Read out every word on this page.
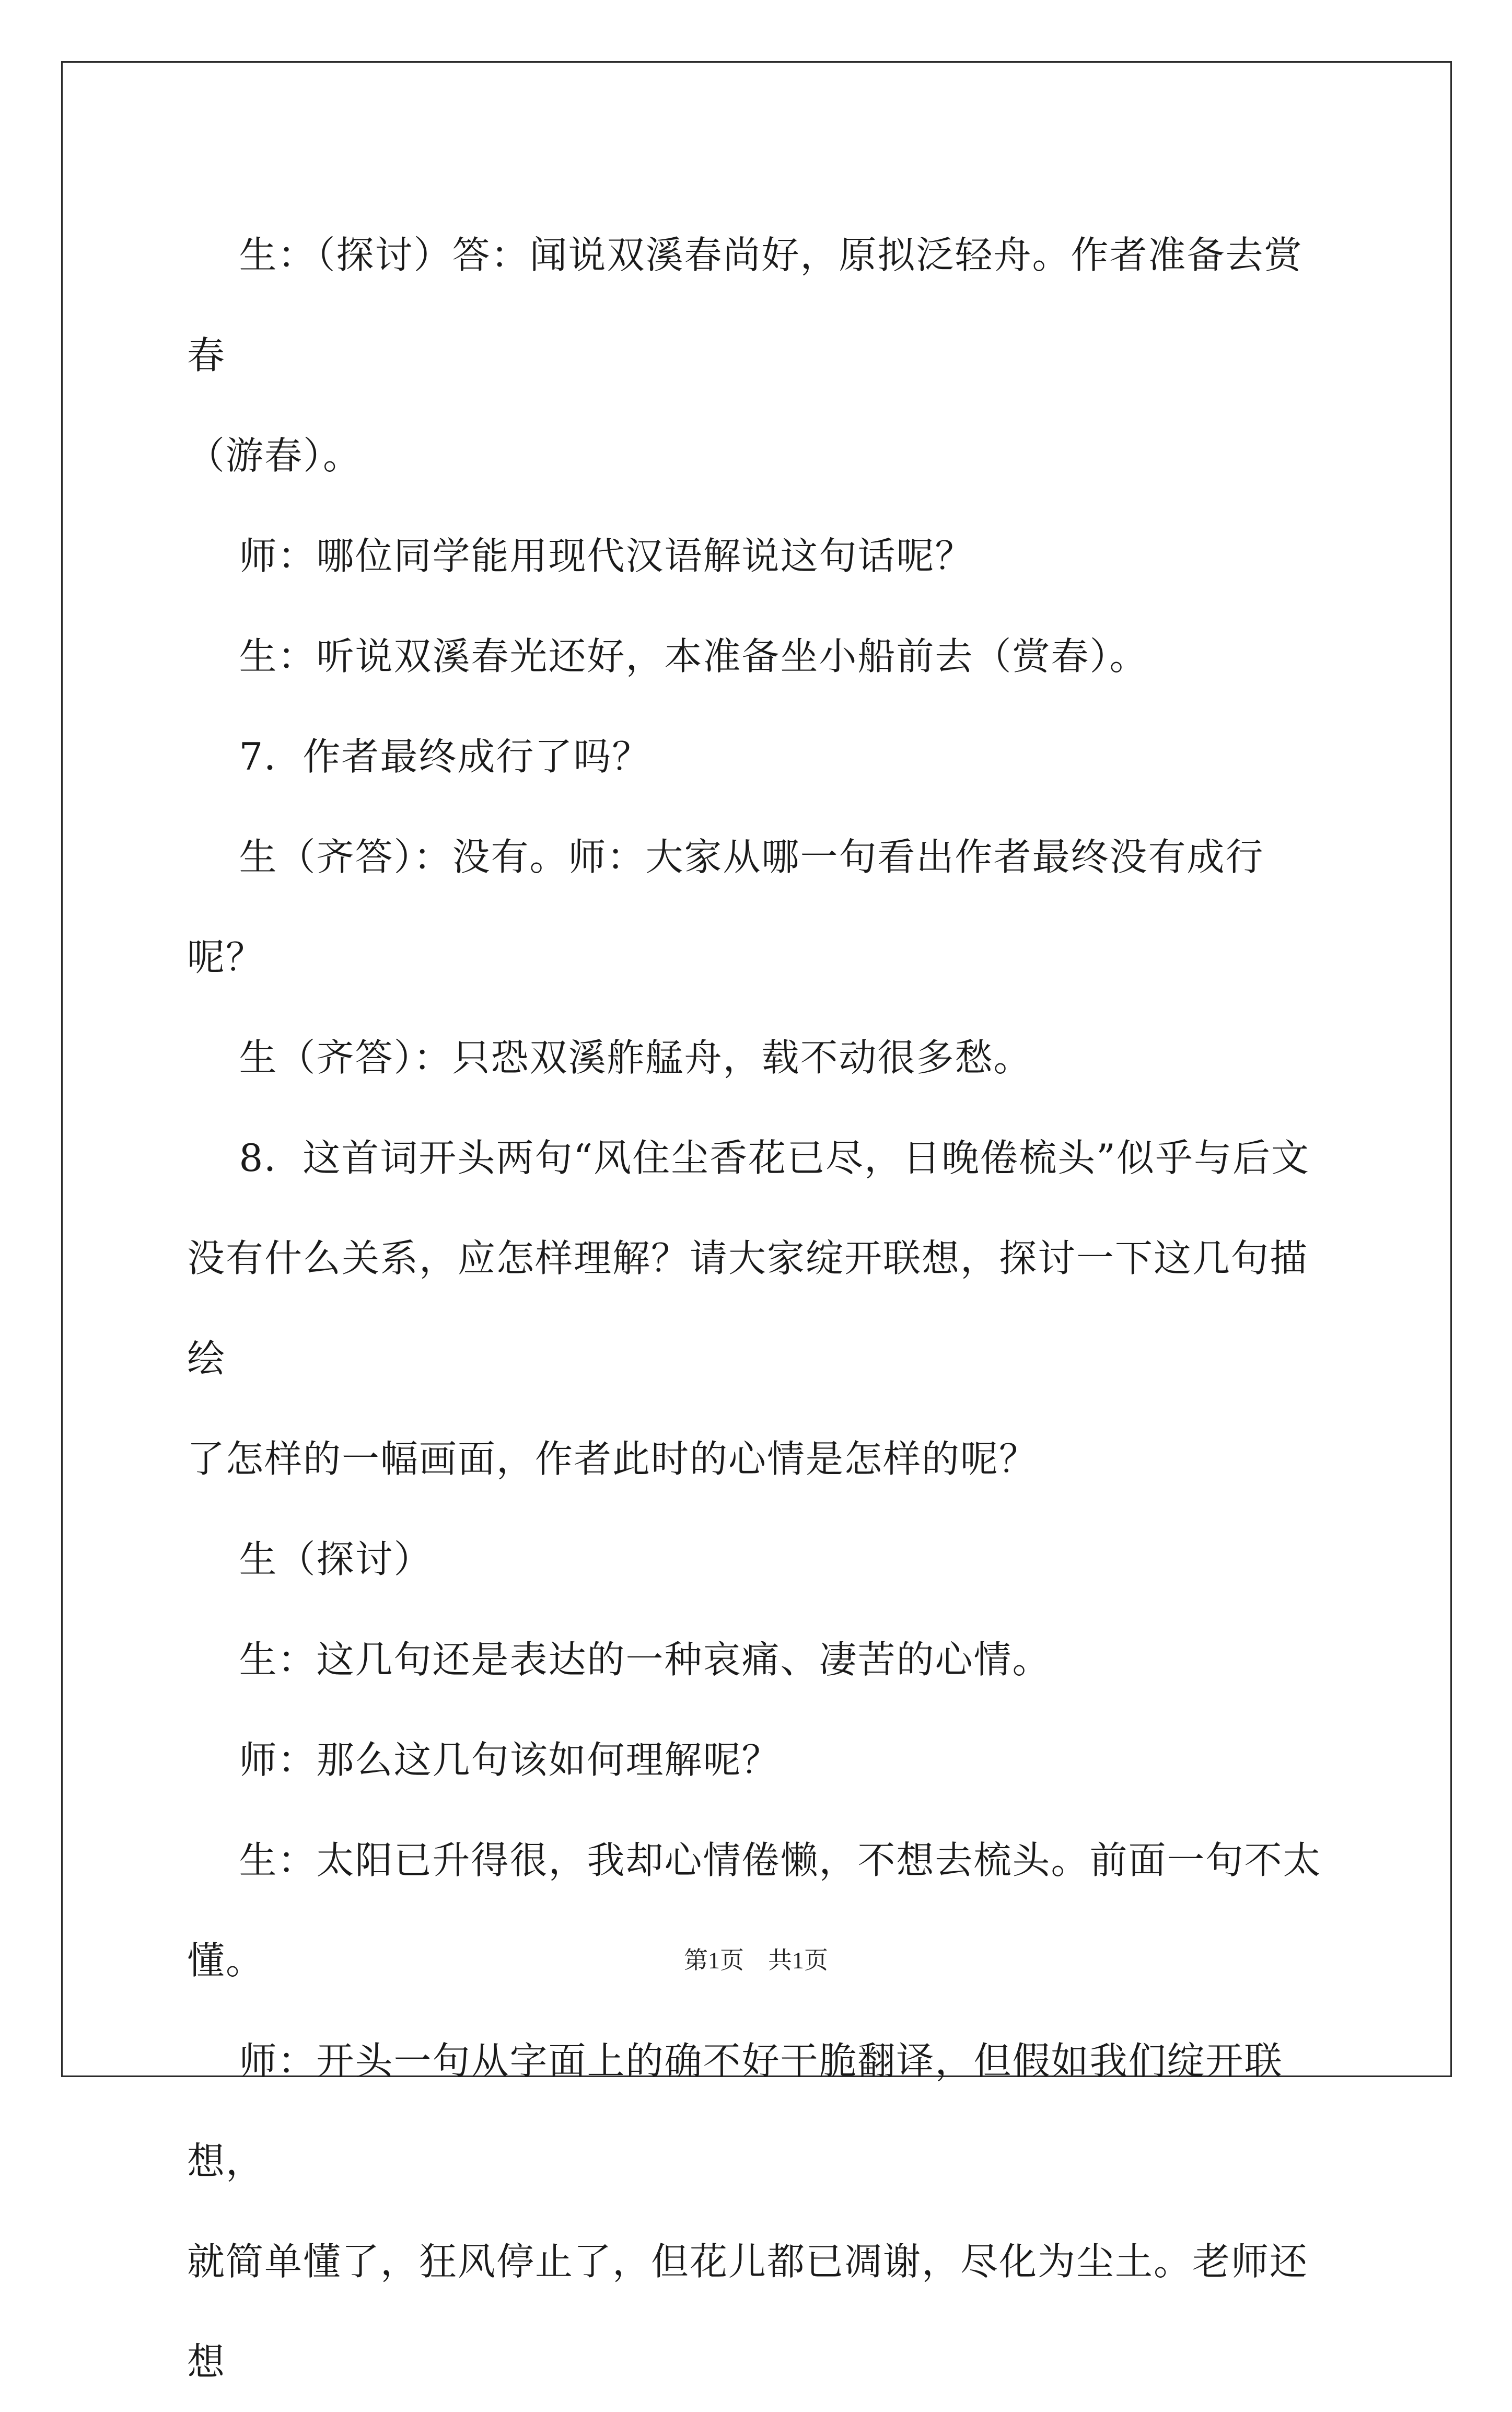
生：（探讨）答：闻说双溪春尚好，原拟泛轻舟。作者准备去赏春

（游春）。

师：哪位同学能用现代汉语解说这句话呢？

生：听说双溪春光还好，本准备坐小船前去（赏春）。

7．作者最终成行了吗？

生（齐答）：没有。师：大家从哪一句看出作者最终没有成行呢？

生（齐答）：只恐双溪舴艋舟，载不动很多愁。

8．这首词开头两句“风住尘香花已尽，日晚倦梳头”似乎与后文

没有什么关系，应怎样理解？请大家绽开联想，探讨一下这几句描绘

了怎样的一幅画面，作者此时的心情是怎样的呢？

生（探讨）

生：这几句还是表达的一种哀痛、凄苦的心情。

师：那么这几句该如何理解呢？

生：太阳已升得很，我却心情倦懒，不想去梳头。前面一句不太

懂。

师：开头一句从字面上的确不好干脆翻译，但假如我们绽开联想，

就简单懂了，狂风停止了，但花儿都已凋谢，尽化为尘土。老师还想

第1页　共1页
